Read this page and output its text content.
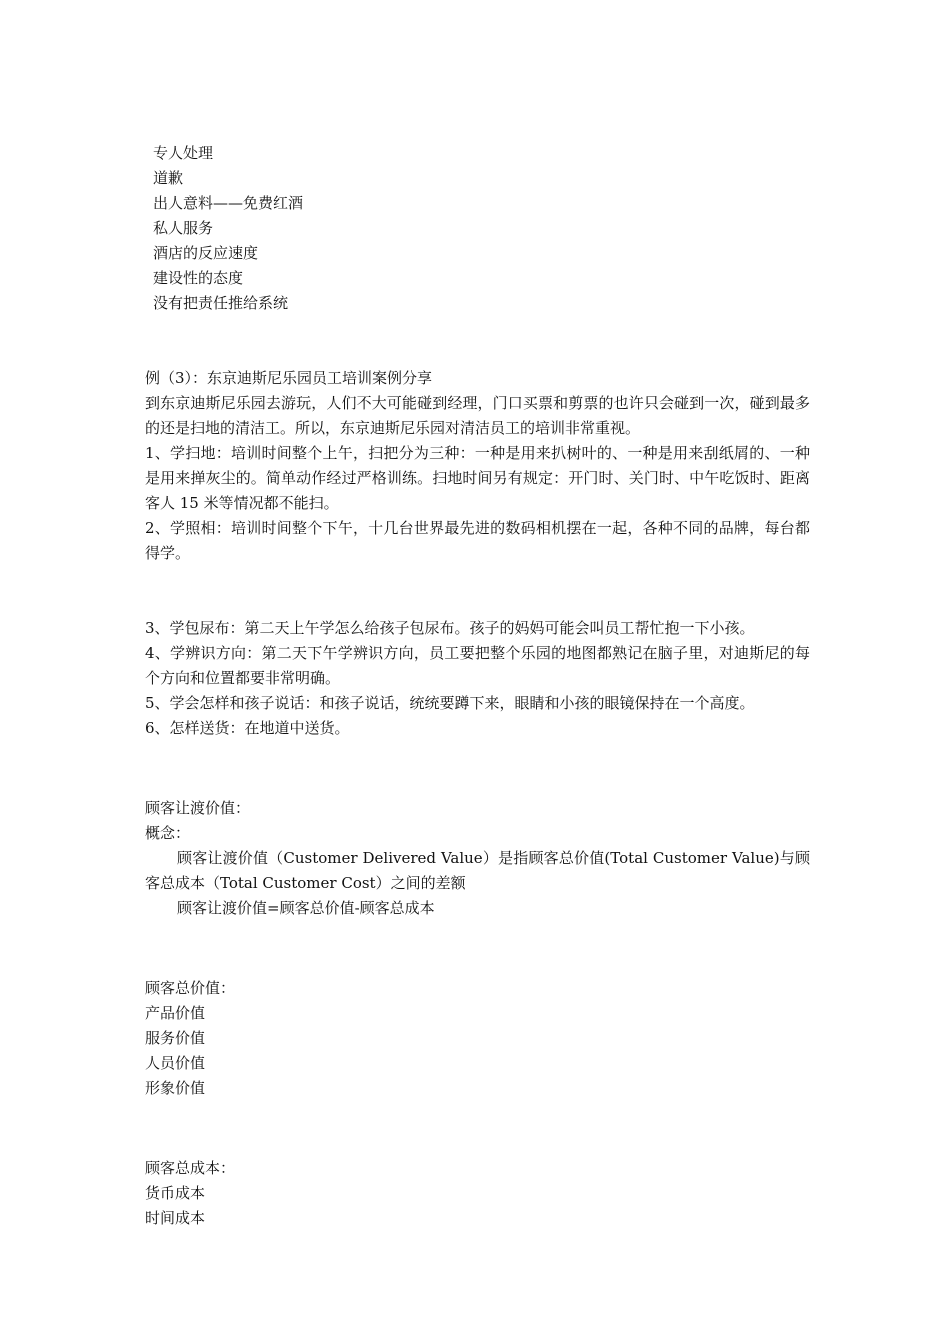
专人处理
道歉
出人意料——免费红酒
私人服务
酒店的反应速度
建设性的态度
没有把责任推给系统

例（3）：东京迪斯尼乐园员工培训案例分享

到东京迪斯尼乐园去游玩，人们不大可能碰到经理，门口买票和剪票的也许只会碰到一次，碰到最多的还是扫地的清洁工。所以，东京迪斯尼乐园对清洁员工的培训非常重视。

1、学扫地：培训时间整个上午，扫把分为三种：一种是用来扒树叶的、一种是用来刮纸屑的、一种是用来掸灰尘的。简单动作经过严格训练。扫地时间另有规定：开门时、关门时、中午吃饭时、距离客人 15 米等情况都不能扫。

2、学照相：培训时间整个下午，十几台世界最先进的数码相机摆在一起，各种不同的品牌，每台都得学。

3、学包尿布：第二天上午学怎么给孩子包尿布。孩子的妈妈可能会叫员工帮忙抱一下小孩。

4、学辨识方向：第二天下午学辨识方向，员工要把整个乐园的地图都熟记在脑子里，对迪斯尼的每个方向和位置都要非常明确。

5、学会怎样和孩子说话：和孩子说话，统统要蹲下来，眼睛和小孩的眼镜保持在一个高度。

6、怎样送货：在地道中送货。

顾客让渡价值：

概念：

顾客让渡价值（Customer Delivered Value）是指顾客总价值(Total Customer Value)与顾客总成本（Total Customer Cost）之间的差额

顾客让渡价值=顾客总价值-顾客总成本

顾客总价值：

产品价值

服务价值

人员价值

形象价值

顾客总成本：

货币成本

时间成本
